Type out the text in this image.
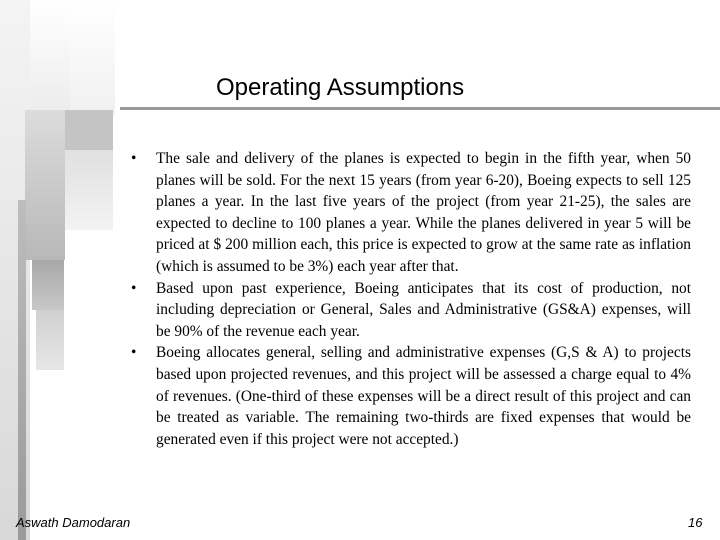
Operating Assumptions
• The sale and delivery of the planes is expected to begin in the fifth year, when 50 planes will be sold. For the next 15 years (from year 6-20), Boeing expects to sell 125 planes a year. In the last five years of the project (from year 21-25), the sales are expected to decline to 100 planes a year. While the planes delivered in year 5 will be priced at $ 200 million each, this price is expected to grow at the same rate as inflation (which is assumed to be 3%) each year after that.
• Based upon past experience, Boeing anticipates that its cost of production, not including depreciation or General, Sales and Administrative (GS&A) expenses, will be 90% of the revenue each year.
• Boeing allocates general, selling and administrative expenses (G,S & A) to projects based upon projected revenues, and this project will be assessed a charge equal to 4% of revenues. (One-third of these expenses will be a direct result of this project and can be treated as variable. The remaining two-thirds are fixed expenses that would be generated even if this project were not accepted.)
Aswath Damodaran	16
